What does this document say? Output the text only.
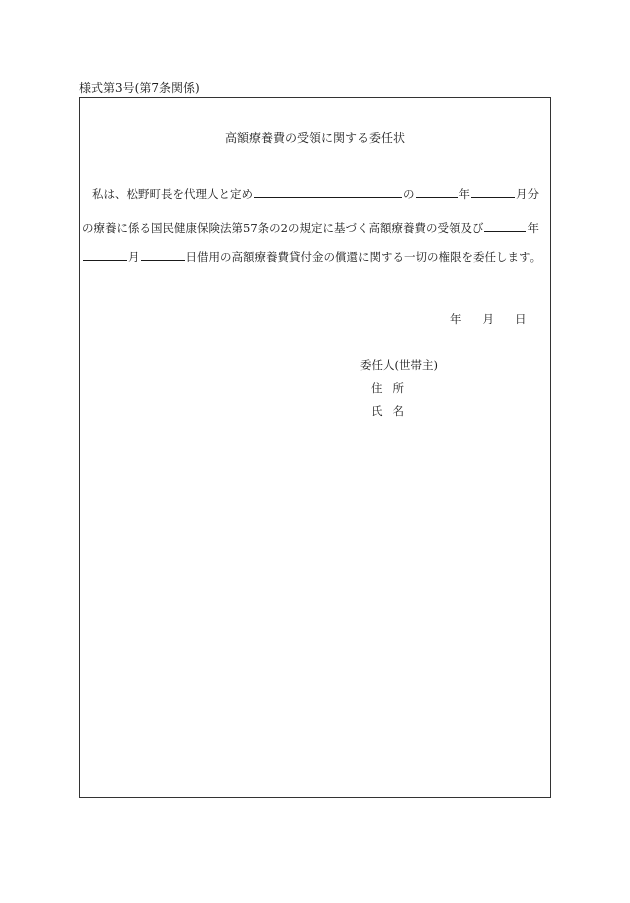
様式第3号(第7条関係)
高額療養費の受領に関する委任状
私は、松野町長を代理人と定め	の	年	月分
の療養に係る国民健康保険法第57条の2の規定に基づく高額療養費の受領及び	年
月	日借用の高額療養費貸付金の償還に関する一切の権限を委任します。
年 月 日
委任人(世帯主)
住所
氏名
